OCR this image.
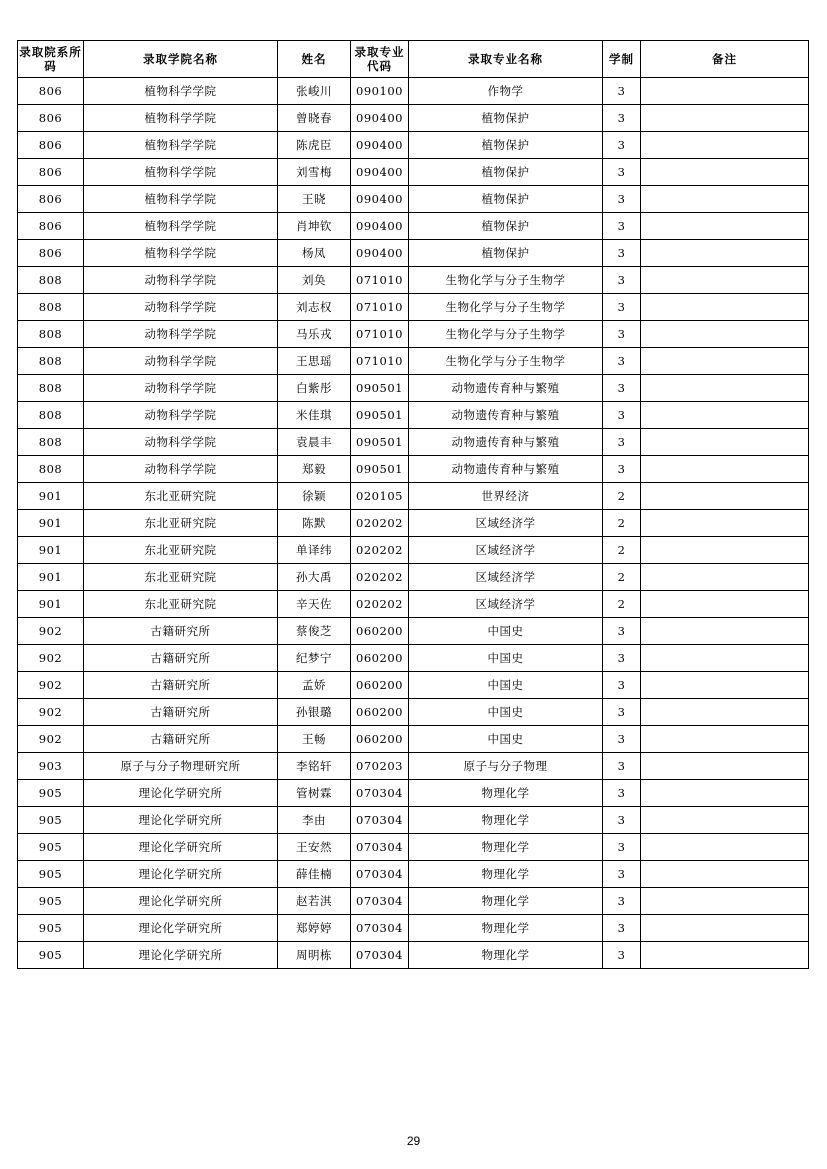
录取院系所码	录取学院名称	姓名	录取专业代码	录取专业名称	学制	备注
806	植物科学学院	张峻川	090100	作物学	3	
806	植物科学学院	曾晓春	090400	植物保护	3	
806	植物科学学院	陈虎臣	090400	植物保护	3	
806	植物科学学院	刘雪梅	090400	植物保护	3	
806	植物科学学院	王晓	090400	植物保护	3	
806	植物科学学院	肖坤钦	090400	植物保护	3	
806	植物科学学院	杨凤	090400	植物保护	3	
808	动物科学学院	刘奂	071010	生物化学与分子生物学	3	
808	动物科学学院	刘志权	071010	生物化学与分子生物学	3	
808	动物科学学院	马乐戎	071010	生物化学与分子生物学	3	
808	动物科学学院	王思瑶	071010	生物化学与分子生物学	3	
808	动物科学学院	白紫彤	090501	动物遗传育种与繁殖	3	
808	动物科学学院	米佳琪	090501	动物遗传育种与繁殖	3	
808	动物科学学院	袁晨丰	090501	动物遗传育种与繁殖	3	
808	动物科学学院	郑毅	090501	动物遗传育种与繁殖	3	
901	东北亚研究院	徐颖	020105	世界经济	2	
901	东北亚研究院	陈默	020202	区域经济学	2	
901	东北亚研究院	单译纬	020202	区域经济学	2	
901	东北亚研究院	孙大禹	020202	区域经济学	2	
901	东北亚研究院	辛天佐	020202	区域经济学	2	
902	古籍研究所	蔡俊芝	060200	中国史	3	
902	古籍研究所	纪梦宁	060200	中国史	3	
902	古籍研究所	孟娇	060200	中国史	3	
902	古籍研究所	孙银璐	060200	中国史	3	
902	古籍研究所	王畅	060200	中国史	3	
903	原子与分子物理研究所	李铭轩	070203	原子与分子物理	3	
905	理论化学研究所	管树霖	070304	物理化学	3	
905	理论化学研究所	李由	070304	物理化学	3	
905	理论化学研究所	王安然	070304	物理化学	3	
905	理论化学研究所	薛佳楠	070304	物理化学	3	
905	理论化学研究所	赵若淇	070304	物理化学	3	
905	理论化学研究所	郑婷婷	070304	物理化学	3	
905	理论化学研究所	周明栋	070304	物理化学	3	
29
